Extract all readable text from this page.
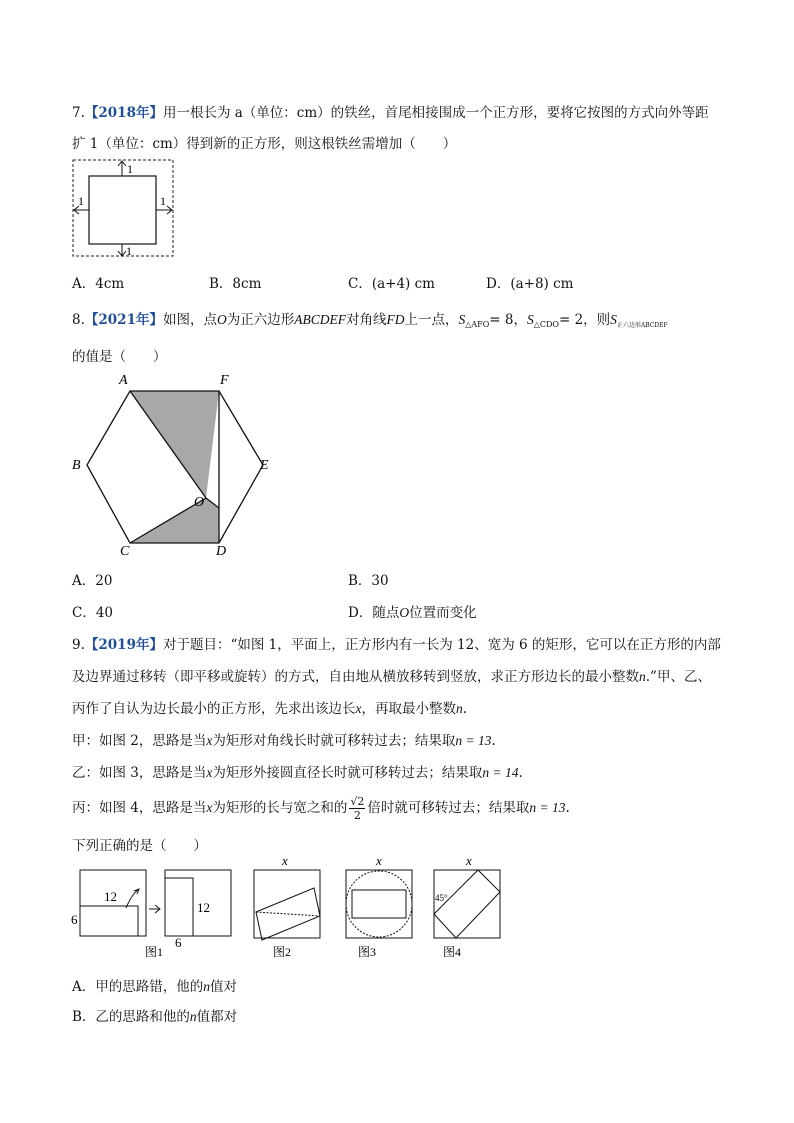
7.【2018年】用一根长为 a（单位：cm）的铁丝，首尾相接围成一个正方形，要将它按图的方式向外等距
扩 1（单位：cm）得到新的正方形，则这根铁丝需增加（　　）
1
1
1	1
A．4cm	B．8cm	C．(a+4) cm	D．(a+8) cm
8.【2021年】如图，点O为正六边形ABCDEF对角线FD上一点，$S_{\triangle AFO}= 8$，$S_{\triangle CDO}= 2$，则$S_{正六边形ABCDEF}$
的值是（　　）
A	F
B	E
C	D
O
A．20	B．30
C．40	D．随点O位置而变化
9.【2019年】对于题目：“如图 1，平面上，正方形内有一长为 12、宽为 6 的矩形，它可以在正方形的内部
及边界通过移转（即平移或旋转）的方式，自由地从横放移转到竖放，求正方形边长的最小整数n.”甲、乙、
丙作了自认为边长最小的正方形，先求出该边长x，再取最小整数n.
甲：如图 2，思路是当x为矩形对角线长时就可移转过去；结果取n = 13.
乙：如图 3，思路是当x为矩形外接圆直径长时就可移转过去；结果取n = 14.
丙：如图 4，思路是当x为矩形的长与宽之和的 $\frac{√2}{2}$ 倍时就可移转过去；结果取n = 13.
下列正确的是（　　）
12
6
12
6
图1
x
图2
x
图3
45°
x
图4
A．甲的思路错，他的n值对
B．乙的思路和他的n值都对
